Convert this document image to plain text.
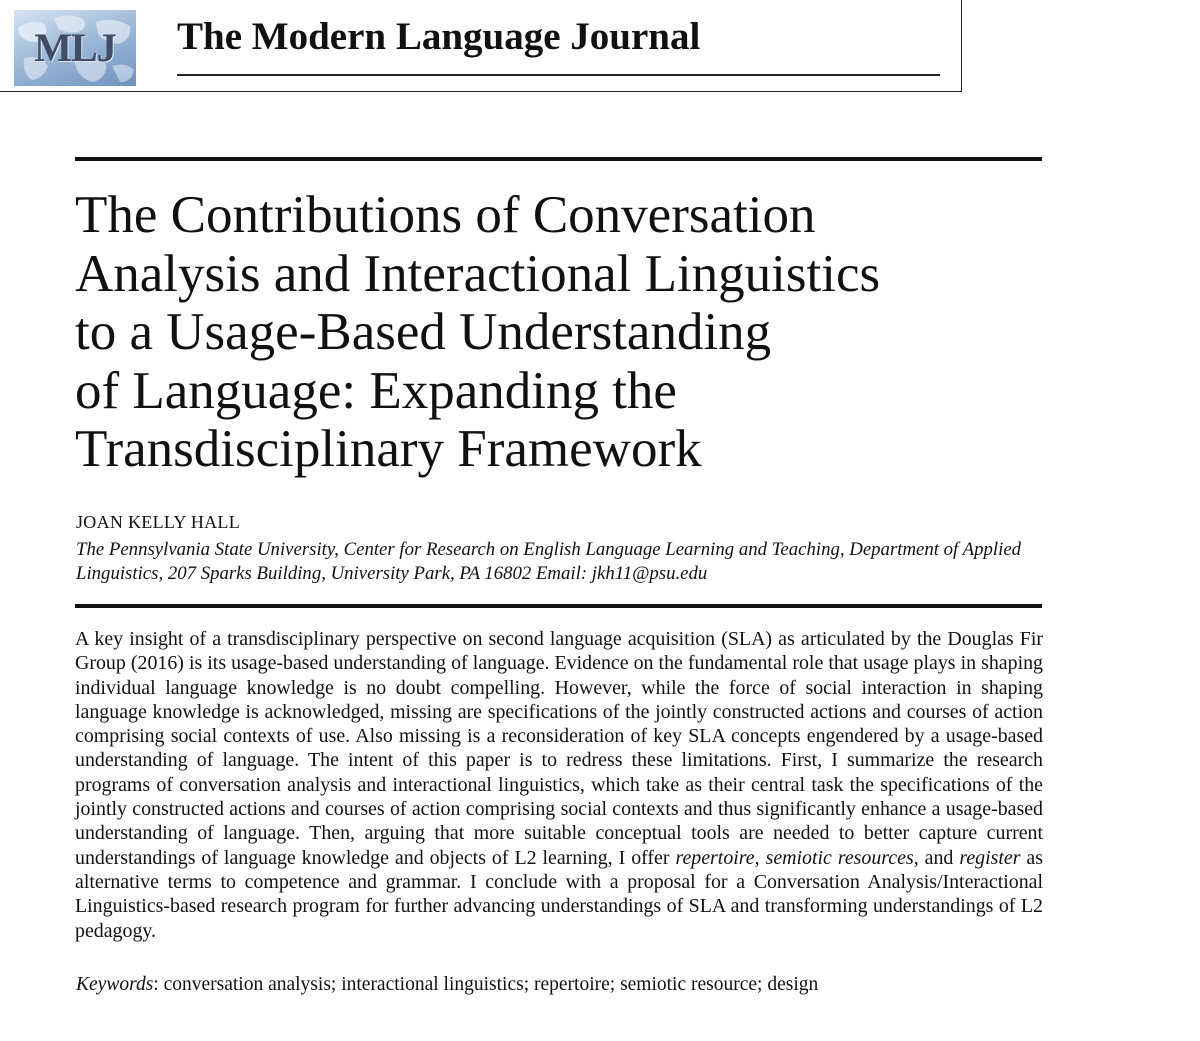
MLJ	The Modern Language Journal
The Contributions of Conversation
Analysis and Interactional Linguistics
to a Usage-Based Understanding
of Language: Expanding the
Transdisciplinary Framework
JOAN KELLY HALL
The Pennsylvania State University, Center for Research on English Language Learning and Teaching, Department of Applied Linguistics, 207 Sparks Building, University Park, PA 16802 Email: jkh11@psu.edu

A key insight of a transdisciplinary perspective on second language acquisition (SLA) as articulated by the Douglas Fir Group (2016) is its usage-based understanding of language. Evidence on the fundamental role that usage plays in shaping individual language knowledge is no doubt compelling. However, while the force of social interaction in shaping language knowledge is acknowledged, missing are specifications of the jointly constructed actions and courses of action comprising social contexts of use. Also missing is a reconsideration of key SLA concepts engendered by a usage-based understanding of language. The intent of this paper is to redress these limitations. First, I summarize the research programs of conversation analysis and interactional linguistics, which take as their central task the specifications of the jointly constructed actions and courses of action comprising social contexts and thus significantly enhance a usage-based understanding of language. Then, arguing that more suitable conceptual tools are needed to better capture current understandings of language knowledge and objects of L2 learning, I offer repertoire, semiotic resources, and register as alternative terms to competence and grammar. I conclude with a proposal for a Conversation Analysis/Interactional Linguistics-based research program for further advancing understandings of SLA and transforming understandings of L2 pedagogy.

Keywords: conversation analysis; interactional linguistics; repertoire; semiotic resource; design
